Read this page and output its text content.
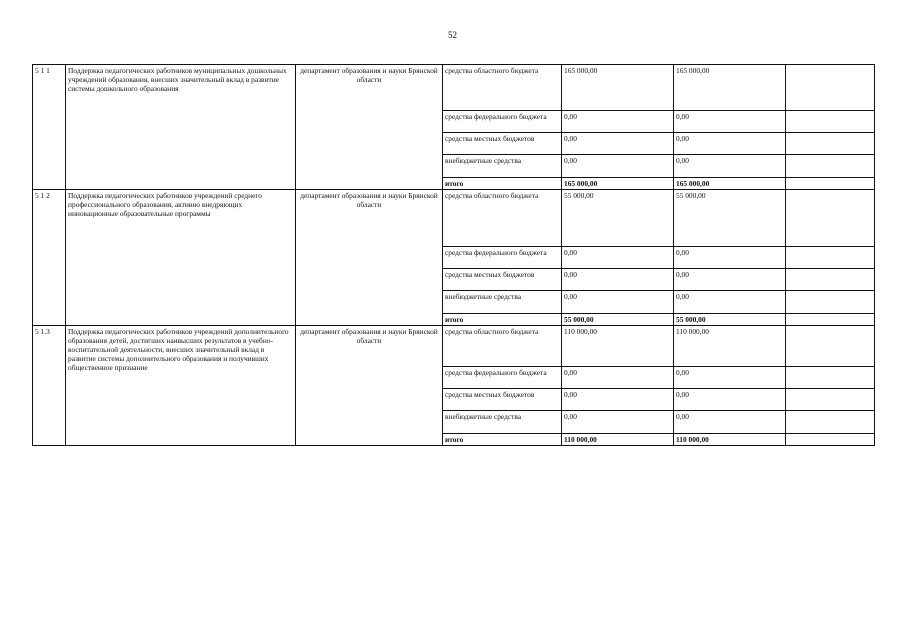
52
5 1 1	Поддержка педагогических работников муниципальных дошкольных учреждений образования, внесших значительный вклад в развитие системы дошкольного образования	департамент образования и науки Брянской области	средства областного бюджета	165 000,00	165 000,00	
			средства федерального бюджета	0,00	0,00	
			средства местных бюджетов	0,00	0,00	
			внебюджетные средства	0,00	0,00	
			итого	165 000,00	165 000,00	
5 1 2	Поддержка педагогических работников учреждений среднего профессионального образования, активно внедряющих инновационные образовательные программы	департамент образования и науки Брянской области	средства областного бюджета	55 000,00	55 000,00	
			средства федерального бюджета	0,00	0,00	
			средства местных бюджетов	0,00	0,00	
			внебюджетные средства	0,00	0,00	
			итого	55 000,00	55 000,00	
5 1.3	Поддержка педагогических работников учреждений дополнительного образования детей, достигших наивысших результатов в учебно-воспитательной деятельности, внесших значительный вклад в развитие системы дополнительного образования и получивших общественное признание	департамент образования и науки Брянской области	средства областного бюджета	110 000,00	110 000,00	
			средства федерального бюджета	0,00	0,00	
			средства местных бюджетов	0,00	0,00	
			внебюджетные средства	0,00	0,00	
			итого	110 000,00	110 000,00	
